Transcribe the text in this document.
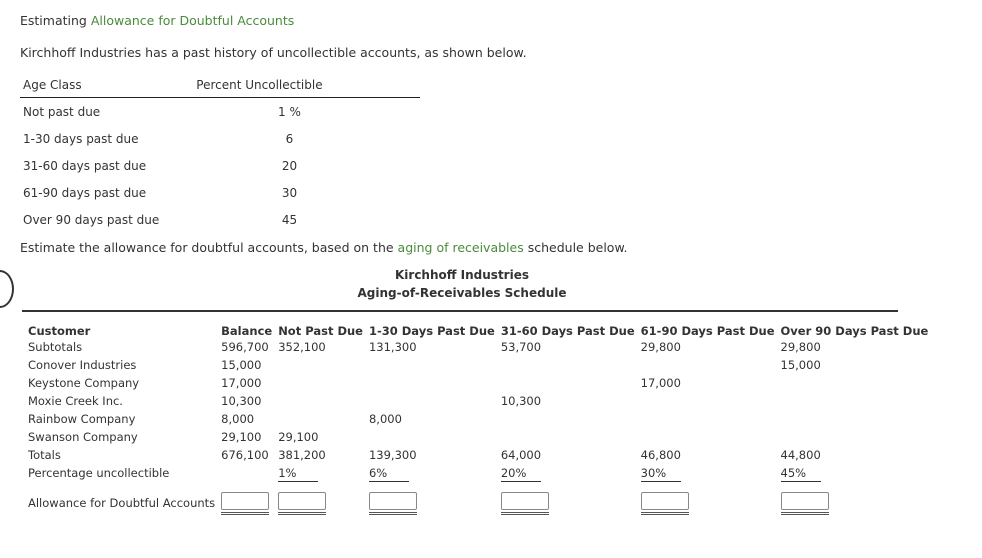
Estimating Allowance for Doubtful Accounts
Kirchhoff Industries has a past history of uncollectible accounts, as shown below.
Age Class	Percent Uncollectible
Not past due	1 %
1-30 days past due	6
31-60 days past due	20
61-90 days past due	30
Over 90 days past due	45
Estimate the allowance for doubtful accounts, based on the aging of receivables schedule below.
Kirchhoff Industries
Aging-of-Receivables Schedule
Customer	Balance	Not Past Due	1-30 Days Past Due	31-60 Days Past Due	61-90 Days Past Due	Over 90 Days Past Due
Subtotals	596,700	352,100	131,300	53,700	29,800	29,800
Conover Industries	15,000					15,000
Keystone Company	17,000				17,000	
Moxie Creek Inc.	10,300			10,300		
Rainbow Company	8,000		8,000			
Swanson Company	29,100	29,100				
Totals	676,100	381,200	139,300	64,000	46,800	44,800
Percentage uncollectible		1%	6%	20%	30%	45%
Allowance for Doubtful Accounts						
